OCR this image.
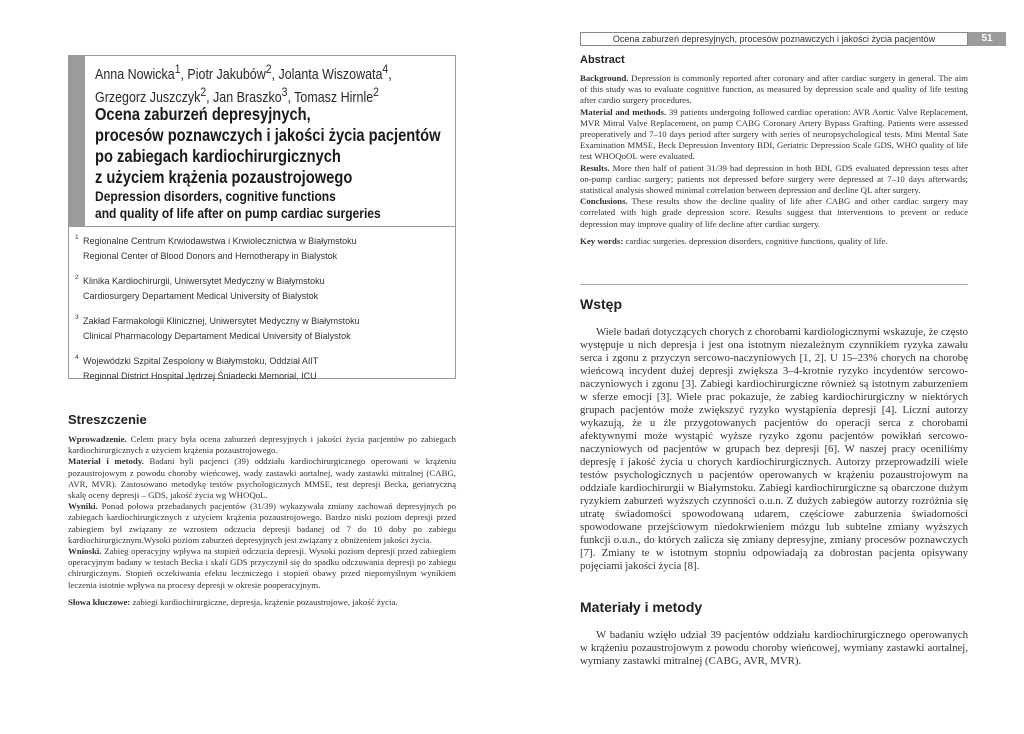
Anna Nowicka$^1$, Piotr Jakubów$^2$, Jolanta Wiszowata$^4$,
Grzegorz Juszczyk$^2$, Jan Braszko$^3$, Tomasz Hirnle$^2$
Ocena zaburzeń depresyjnych,
procesów poznawczych i jakości życia pacjentów
po zabiegach kardiochirurgicznych
z użyciem krążenia pozaustrojowego
Depression disorders, cognitive functions
and quality of life after on pump cardiac surgeries
1 Regionalne Centrum Krwiodawstwa i Krwiolecznictwa w Białymstoku
Regional Center of Blood Donors and Hemotherapy in Bialystok
2 Klinika Kardiochirurgii, Uniwersytet Medyczny w Białymstoku
Cardiosurgery Departament Medical University of Bialystok
3 Zakład Farmakologii Klinicznej, Uniwersytet Medyczny w Białymstoku
Clinical Pharmacology Departament Medical University of Bialystok
4 Wojewódzki Szpital Zespolony w Białymstoku, Oddział AIIT
Regional District Hospital Jędrzej Śniadecki Memorial, ICU
Streszczenie

Wprowadzenie. Celem pracy była ocena zaburzeń depresyjnych i jakości życia pacjentów po zabiegach kardiochirurgicznych z użyciem krążenia pozaustrojowego.

Materiał i metody. Badani byli pacjenci (39) oddziału kardiochirurgicznego operowani w krążeniu pozaustrojowym z powodu choroby wieńcowej, wady zastawki aortalnej, wady zastawki mitralnej (CABG, AVR, MVR). Zastosowano metodykę testów psychologicznych MMSE, test depresji Becka, geriatryczną skalę oceny depresji – GDS, jakość życia wg WHOQoL.

Wyniki. Ponad połowa przebadanych pacjentów (31/39) wykazywała zmiany zachowań depresyjnych po zabiegach kardiochirurgicznych z użyciem krążenia pozaustrojowego. Bardzo niski poziom depresji przed zabiegiem był związany ze wzrostem odczucia depresji badanej od 7 do 10 doby po zabiegu kardiochirurgicznym.Wysoki poziom zaburzeń depresyjnych jest związany z obniżeniem jakości życia.

Wnioski. Zabieg operacyjny wpływa na stopień odczucia depresji. Wysoki poziom depresji przed zabiegiem operacyjnym badany w testach Becka i skali GDS przyczynił się do spadku odczuwania depresji po zabiegu chirurgicznym. Stopień oczekiwania efektu leczniczego i stopień obawy przed niepomyślnym wynikiem leczenia istotnie wpływa na procesy depresji w okresie pooperacyjnym.

Słowa kluczowe: zabiegi kardiochirurgiczne, depresja, krążenie pozaustrojowe, jakość życia.

Ocena zaburzeń depresyjnych, procesów poznawczych i jakości życia pacjentów	51
Abstract

Background. Depression is commonly reported after coronary and after cardiac surgery in general. The aim of this study was to evaluate cognitive function, as measured by depression scale and quality of life testing after cardio surgery procedures.

Material and methods. 39 patients undergoing followed cardiac operation: AVR Aortic Valve Replacement, MVR Mitral Valve Replacement, on pump CABG Coronary Artery Bypass Grafting. Patients were assessed preoperatively and 7–10 days period after surgery with series of neuropsychological tests. Mini Mental Sate Examination MMSE, Beck Depression Inventory BDI, Geriatric Depression Scale GDS, WHO quality of life test WHOQoOL were evaluated.

Results. More then half of patient 31/39 had depression in both BDI, GDS evaluated depression tests after on-pump cardiac surgery; patients not depressed before surgery were depressed at 7–10 days afterwards; statistical analysis showed minimal correlation between depression and decline QL after surgery.

Conclusions. These results show the decline quality of life after CABG and other cardiac surgery may correlated with high grade depression score. Results suggest that interventions to prevent or reduce depression may improve quality of life decline after cardiac surgery.

Key words: cardiac surgeries. depression disorders, cognitive functions, quality of life.

Wstęp

Wiele badań dotyczących chorych z chorobami kardiologicznymi wskazuje, że często występuje u nich depresja i jest ona istotnym niezależnym czynnikiem ryzyka zawału serca i zgonu z przyczyn sercowo-naczyniowych [1, 2]. U 15–23% chorych na chorobę wieńcową incydent dużej depresji zwiększa 3–4-krotnie ryzyko incydentów sercowo-naczyniowych i zgonu [3]. Zabiegi kardiochirurgiczne również są istotnym zaburzeniem w sferze emocji [3]. Wiele prac pokazuje, że zabieg kardiochirurgiczny w niektórych grupach pacjentów może zwiększyć ryzyko wystąpienia depresji [4]. Liczni autorzy wykazują, że u źle przygotowanych pacjentów do operacji serca z chorobami afektywnymi może wystąpić wyższe ryzyko zgonu pacjentów powikłań sercowo-naczyniowych od pacjentów w grupach bez depresji [6]. W naszej pracy oceniliśmy depresję i jakość życia u chorych kardiochirurgicznych. Autorzy przeprowadzili wiele testów psychologicznych u pacjentów operowanych w krążeniu pozaustrojowym na oddziale kardiochirurgii w Białymstoku. Zabiegi kardiochirurgiczne są obarczone dużym ryzykiem zaburzeń wyższych czynności o.u.n. Z dużych zabiegów autorzy rozróżnia się utratę świadomości spowodowaną udarem, częściowe zaburzenia świadomości spowodowane przejściowym niedokrwieniem mózgu lub subtelne zmiany wyższych funkcji o.u.n., do których zalicza się zmiany depresyjne, zmiany procesów poznawczych [7]. Zmiany te w istotnym stopniu odpowiadają za dobrostan pacjenta opisywany pojęciami jakości życia [8].

Materiały i metody

W badaniu wzięło udział 39 pacjentów oddziału kardiochirurgicznego operowanych w krążeniu pozaustrojowym z powodu choroby wieńcowej, wymiany zastawki aortalnej, wymiany zastawki mitralnej (CABG, AVR, MVR).
